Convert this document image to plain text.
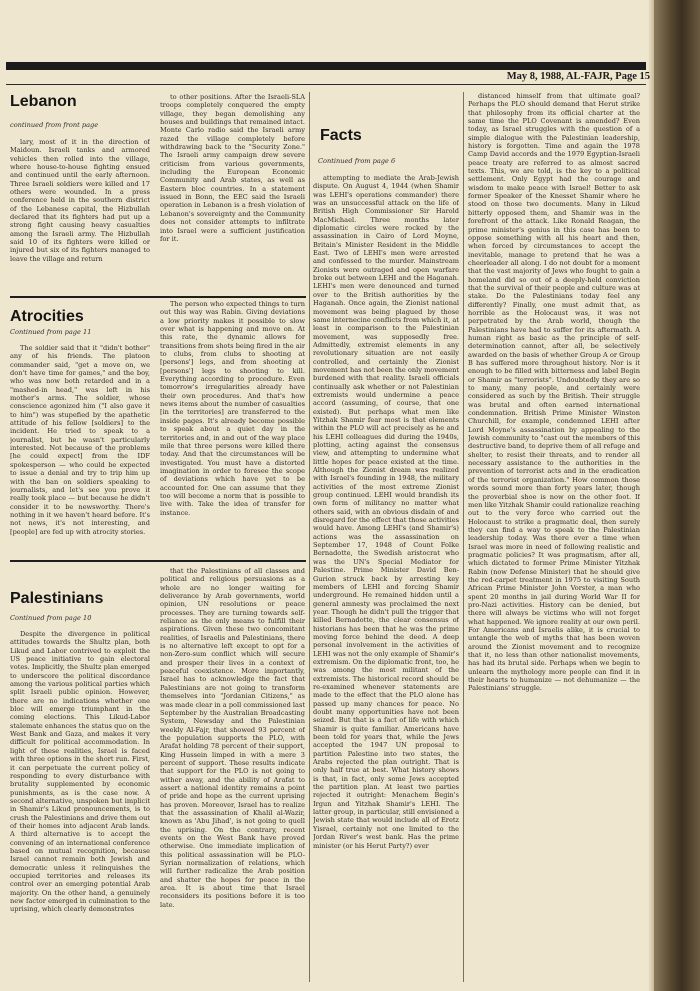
May 8, 1988, AL-FAJR, Page 15
Lebanon
continued from front page

lary, most of it in the direction of Maidoun. Israeli tanks and armored vehicles then rolled into the village, where house-to-house fighting ensued and continued until the early afternoon. Three Israeli soldiers were killed and 17 others were wounded. In a press conference held in the southern district of the Lebanese capital, the Hizbullah declared that its fighters had put up a strong fight causing heavy casualties among the Israeli army. The Hizbullah said 10 of its fighters were killed or injured but six of its fighters managed to leave the village and return

to other positions. After the Israeli-SLA troops completely conquered the empty village, they began demolishing any houses and buildings that remained intact. Monte Carlo radio said the Israeli army razed the village completely before withdrawing back to the "Security Zone." The Israeli army campaign drew severe criticism from various governments, including the European Economic Community and Arab states, as well as Eastern bloc countries. In a statement issued in Bonn, the EEC said the Israeli operation in Lebanon is a fresh violation of Lebanon's sovereignty and the Community does not consider attempts to infiltrate into Israel were a sufficient justification for it.

Atrocities
Continued from page 11

The soldier said that it "didn't bother" any of his friends. The platoon commander said, "get a move on, we don't have time for games," and the boy, who was now both retarded and in a "mashed-in head," was left in his mother's arms. The soldier, whose conscience agonized him ("I also gave it to him") was stupefied by the apathetic attitude of his fellow [soldiers] to the incident. He tried to speak to a journalist, but he wasn't particularly interested. Not because of the problems [he could expect] from the IDF spokesperson — who could be expected to issue a denial and try to trip him up with the ban on soldiers speaking to journalists, and let's see you prove it really took place — but because he didn't consider it to be newsworthy. There's nothing in it we haven't heard before. It's not news, it's not interesting, and [people] are fed up with atrocity stories.

The person who expected things to turn out this way was Rabin. Giving deviations a low priority makes it possible to slow over what is happening and move on. At this rate, the dynamic allows for transitions from shots being fired in the air to clubs, from clubs to shooting at [persons'] legs, and from shooting at [persons'] legs to shooting to kill. Everything according to procedure. Even tomorrow's irregularities already have their own procedures. And that's how news items about the number of casualties [in the territories] are transferred to the inside pages. It's already become possible to speak about a quiet day in the territories and, in and out of the way place mile that three persons were killed there today. And that the circumstances will be investigated. You must have a distorted imagination in order to foresee the scope of deviations which have yet to be accounted for. One can assume that they too will become a norm that is possible to live with. Take the idea of transfer for instance.

Palestinians
Continued from page 10

Despite the divergence in political attitudes towards the Shultz plan, both Likud and Labor contrived to exploit the US peace initiative to gain electoral votes. Implicitly, the Shultz plan emerged to underscore the political discordance among the various political parties which split Israeli public opinion. However, there are no indications whether one bloc will emerge triumphant in the coming elections. This Likud-Labor stalemate enhances the status quo on the West Bank and Gaza, and makes it very difficult for political accommodation. In light of these realities, Israel is faced with three options in the short run. First, it can perpetuate the current policy of responding to every disturbance with brutality supplemented by economic punishments, as is the case now. A second alternative, unspoken but implicit in Shamir's Likud pronouncements, is to crush the Palestinians and drive them out of their homes into adjacent Arab lands. A third alternative is to accept the convening of an international conference based on mutual recognition, because Israel cannot remain both Jewish and democratic unless it relinquishes the occupied territories and releases its control over an emerging potential Arab majority. On the other hand, a genuinely new factor emerged in culmination to the uprising, which clearly demonstrates

that the Palestinians of all classes and political and religious persuasions as a whole are no longer waiting for deliverance by Arab governments, world opinion, UN resolutions or peace processes. They are turning towards self-reliance as the only means to fulfill their aspirations. Given these two concomitant realities, of Israelis and Palestinians, there is no alternative left except to opt for a non-Zero-sum conflict which will secure and prosper their lives in a context of peaceful coexistence. More importantly, Israel has to acknowledge the fact that Palestinians are not going to transform themselves into "Jordanian Citizens," as was made clear in a poll commissioned last September by the Australian Broadcasting System, Newsday and the Palestinian weekly Al-Fajr, that showed 93 percent of the population supports the PLO, with Arafat holding 78 percent of their support, King Hussein limped in with a mere 3 percent of support. These results indicate that support for the PLO is not going to wither away, and the ability of Arafat to assert a national identity remains a point of pride and hope as the current uprising has proven. Moreover, Israel has to realize that the assassination of Khalil al-Wazir, known as 'Abu Jihad', is not going to quell the uprising. On the contrary, recent events on the West Bank have proved otherwise. One immediate implication of this political assassination will be PLO-Syrian normalization of relations, which will further radicalize the Arab position and shatter the hopes for peace in the area. It is about time that Israel reconsiders its positions before it is too late.

Facts
Continued from page 6

attempting to mediate the Arab-Jewish dispute. On August 4, 1944 (when Shamir was LEHI's operations commander) there was an unsuccessful attack on the life of British High Commissioner Sir Harold MacMichael. Three months later diplomatic circles were rocked by the assassination in Cairo of Lord Moyne, Britain's Minister Resident in the Middle East. Two of LEHI's men were arrested and confessed to the murder. Mainstream Zionists were outraged and open warfare broke out between LEHI and the Haganah. LEHI's men were denounced and turned over to the British authorities by the Haganah. Once again, the Zionist national movement was being plagued by those same internecine conflicts from which it, at least in comparison to the Palestinian movement, was supposedly free. Admittedly, extremist elements in any revolutionary situation are not easily controlled, and certainly the Zionist movement has not been the only movement burdened with that reality. Israeli officials continually ask whether or not Palestinian extremists would undermine a peace accord (assuming, of course, that one existed). But perhaps what men like Yitzhak Shamir fear most is that elements within the PLO will act precisely as he and his LEHI colleagues did during the 1940s, plotting, acting against the consensus view, and attempting to undermine what little hopes for peace existed at the time. Although the Zionist dream was realized with Israel's founding in 1948, the military activities of the most extreme Zionist group continued. LEHI would brandish its own form of militancy no matter what others said, with an obvious disdain of and disregard for the effect that those activities would have. Among LEHI's (and Shamir's) actions was the assassination on September 17, 1948 of Count Folke Bernadotte, the Swedish aristocrat who was the UN's Special Mediator for Palestine. Prime Minister David Ben-Gurion struck back by arresting key members of LEHI and forcing Shamir underground. He remained hidden until a general amnesty was proclaimed the next year. Though he didn't pull the trigger that killed Bernadotte, the clear consensus of historians has been that he was the prime moving force behind the deed. A deep personal involvement in the activities of LEHI was not the only example of Shamir's extremism. On the diplomatic front, too, he was among the most militant of the extremists. The historical record should be re-examined whenever statements are made to the effect that the PLO alone has passed up many chances for peace. No doubt many opportunities have not been seized. But that is a fact of life with which Shamir is quite familiar. Americans have been told for years that, while the Jews accepted the 1947 UN proposal to partition Palestine into two states, the Arabs rejected the plan outright. That is only half true at best. What history shows is that, in fact, only some Jews accepted the partition plan. At least two parties rejected it outright: Menachem Begin's Irgun and Yitzhak Shamir's LEHI. The latter group, in particular, still envisioned a Jewish state that would include all of Eretz Yisrael, certainly not one limited to the Jordan River's west bank. Has the prime minister (or his Herut Party?) ever

distanced himself from that ultimate goal? Perhaps the PLO should demand that Herut strike that philosophy from its official charter at the same time the PLO Covenant is amended? Even today, as Israel struggles with the question of a simple dialogue with the Palestinian leadership, history is forgotten. Time and again the 1978 Camp David accords and the 1979 Egyptian-Israeli peace treaty are referred to as almost sacred texts. This, we are told, is the key to a political settlement. Only Egypt had the courage and wisdom to make peace with Israel! Better to ask former Speaker of the Knesset Shamir where he stood on those two documents. Many in Likud bitterly opposed them, and Shamir was in the forefront of the attack. Like Ronald Reagan, the prime minister's genius in this case has been to oppose something with all his heart and then, when forced by circumstances to accept the inevitable, manage to pretend that he was a cheerleader all along. I do not doubt for a moment that the vast majority of Jews who fought to gain a homeland did so out of a deeply-held conviction that the survival of their people and culture was at stake. Do the Palestinians today feel any differently? Finally, one must admit that, as horrible as the Holocaust was, it was not perpetrated by the Arab world, though the Palestinians have had to suffer for its aftermath. A human right as basic as the principle of self-determination cannot, after all, be selectively awarded on the basis of whether Group A or Group B has suffered more throughout history. Nor is it enough to be filled with bitterness and label Begin or Shamir as "terrorists". Undoubtedly they are so to many, many people, and certainly were considered as such by the British. Their struggle was brutal and often earned international condemnation. British Prime Minister Winston Churchill, for example, condemned LEHI after Lord Moyne's assassination by appealing to the Jewish community to "cast out the members of this destructive band, to deprive them of all refuge and shelter, to resist their threats, and to render all necessary assistance to the authorities in the prevention of terrorist acts and in the eradication of the terrorist organization." How common those words sound more than forty years later, though the proverbial shoe is now on the other foot. If men like Yitzhak Shamir could rationalize reaching out to the very force who carried out the Holocaust to strike a pragmatic deal, then surely they can find a way to speak to the Palestinian leadership today. Was there ever a time when Israel was more in need of following realistic and pragmatic policies? It was pragmatism, after all, which dictated to former Prime Minister Yitzhak Rabin (now Defense Minister) that he should give the red-carpet treatment in 1975 to visiting South African Prime Minister John Vorster, a man who spent 20 months in jail during World War II for pro-Nazi activities. History can be denied, but there will always be victims who will not forget what happened. We ignore reality at our own peril. For Americans and Israelis alike, it is crucial to untangle the web of myths that has been woven around the Zionist movement and to recognize that it, no less than other nationalist movements, has had its brutal side. Perhaps when we begin to unlearn the mythology more people can find it in their hearts to humanize — not dehumanize — the Palestinians' struggle.
